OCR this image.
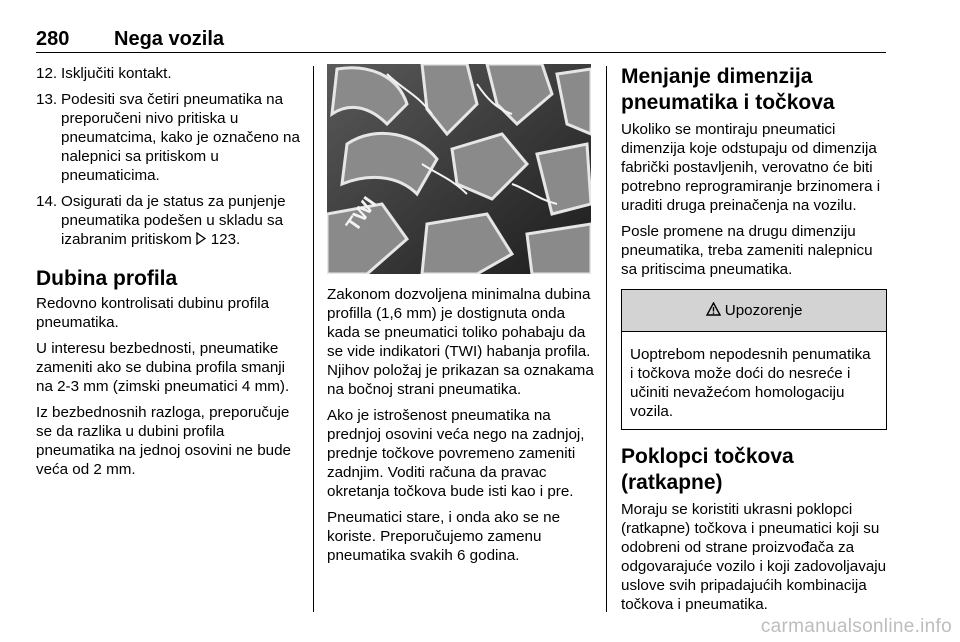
280 Nega vozila
12. Isključiti kontakt.
13. Podesiti sva četiri pneumatika na preporučeni nivo pritiska u pneumatcima, kako je označeno na nalepnici sa pritiskom u pneumaticima.
14. Osigurati da je status za punjenje pneumatika podešen u skladu sa izabranim pritiskom  123.
Dubina profila

Redovno kontrolisati dubinu profila pneumatika.

U interesu bezbednosti, pneumatike zameniti ako se dubina profila smanji na 2-3 mm (zimski pneumatici 4 mm).

Iz bezbednosnih razloga, preporučuje se da razlika u dubini profila pneumatika na jednoj osovini ne bude veća od 2 mm.

TWI

Zakonom dozvoljena minimalna dubina profilla (1,6 mm) je dostignuta onda kada se pneumatici toliko pohabaju da se vide indikatori (TWI) habanja profila. Njihov položaj je prikazan sa oznakama na bočnoj strani pneumatika.

Ako je istrošenost pneumatika na prednjoj osovini veća nego na zadnjoj, prednje točkove povremeno zameniti zadnjim. Voditi računa da pravac okretanja točkova bude isti kao i pre.

Pneumatici stare, i onda ako se ne koriste. Preporučujemo zamenu pneumatika svakih 6 godina.

Menjanje dimenzija pneumatika i točkova

Ukoliko se montiraju pneumatici dimenzija koje odstupaju od dimenzija fabrički postavljenih, verovatno će biti potrebno reprogramiranje brzinomera i uraditi druga preinačenja na vozilu.

Posle promene na drugu dimenziju pneumatika, treba zameniti nalepnicu sa pritiscima pneumatika.

Upozorenje
Uoptrebom nepodesnih penumatika i točkova može doći do nesreće i učiniti nevažećom homologaciju vozila.
Poklopci točkova (ratkapne)

Moraju se koristiti ukrasni poklopci (ratkapne) točkova i pneumatici koji su odobreni od strane proizvođača za odgovarajuće vozilo i koji zadovoljavaju uslove svih pripadajućih kombinacija točkova i pneumatika.

carmanualsonline.info
